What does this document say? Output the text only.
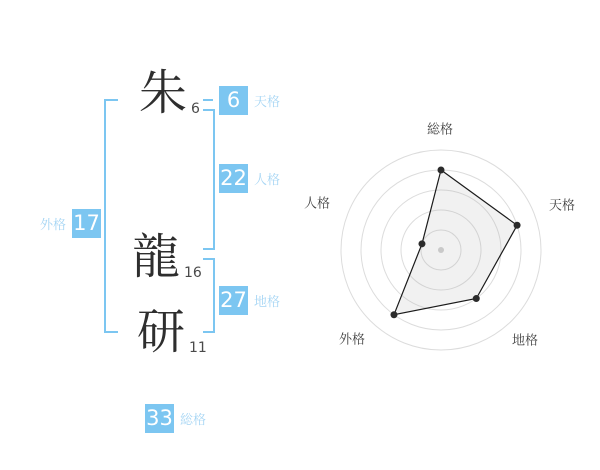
朱 6
龍 16
研 11
6	天格
22 人格
27 地格
外格 17
33 総格
総格
天格
地格
外格
人格
